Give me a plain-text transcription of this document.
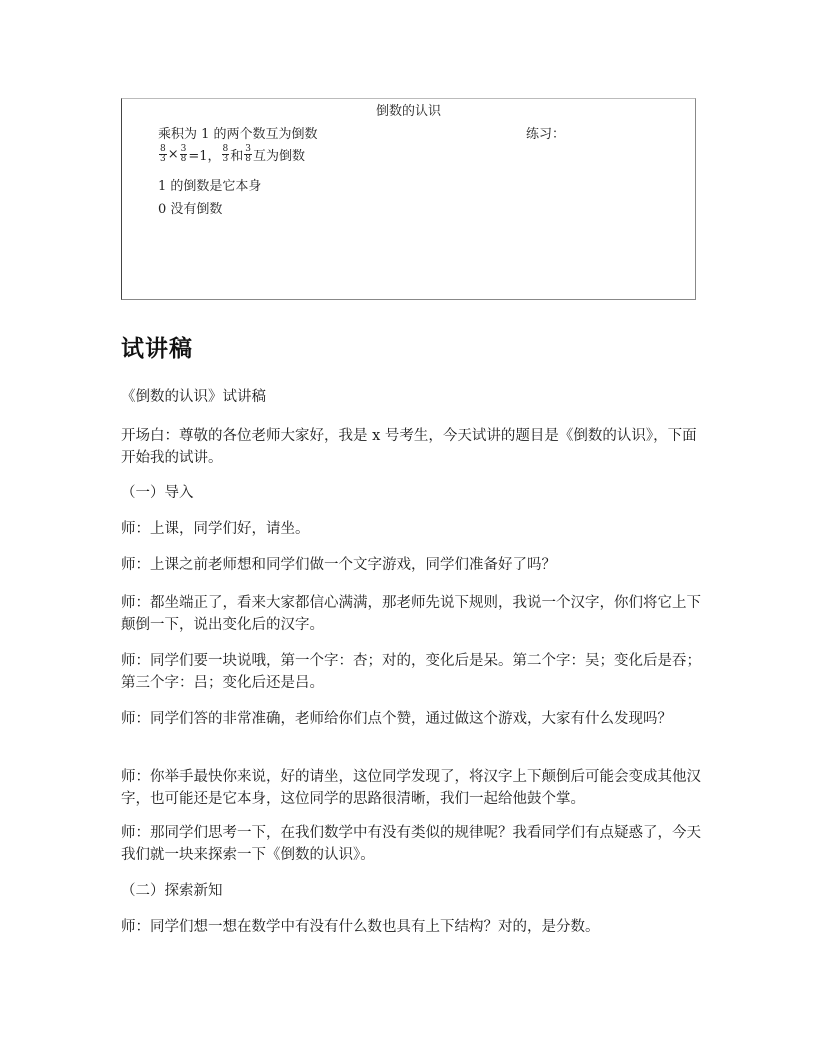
倒数的认识
乘积为 1 的两个数互为倒数	练习：
$\frac{8}{3} \times \frac{3}{8} =1$， $\frac{8}{3}$ 和 $\frac{3}{8}$ 互为倒数
1 的倒数是它本身
0 没有倒数
试讲稿

《倒数的认识》试讲稿

开场白：尊敬的各位老师大家好，我是 x 号考生，今天试讲的题目是《倒数的认识》，下面开始我的试讲。

（一）导入

师：上课，同学们好，请坐。

师：上课之前老师想和同学们做一个文字游戏，同学们准备好了吗？

师：都坐端正了，看来大家都信心满满，那老师先说下规则，我说一个汉字，你们将它上下颠倒一下，说出变化后的汉字。

师：同学们要一块说哦，第一个字：杏；对的，变化后是呆。第二个字：吴；变化后是吞；第三个字：吕；变化后还是吕。

师：同学们答的非常准确，老师给你们点个赞，通过做这个游戏，大家有什么发现吗？

师：你举手最快你来说，好的请坐，这位同学发现了，将汉字上下颠倒后可能会变成其他汉字，也可能还是它本身，这位同学的思路很清晰，我们一起给他鼓个掌。

师：那同学们思考一下，在我们数学中有没有类似的规律呢？我看同学们有点疑惑了，今天我们就一块来探索一下《倒数的认识》。

（二）探索新知

师：同学们想一想在数学中有没有什么数也具有上下结构？对的，是分数。
